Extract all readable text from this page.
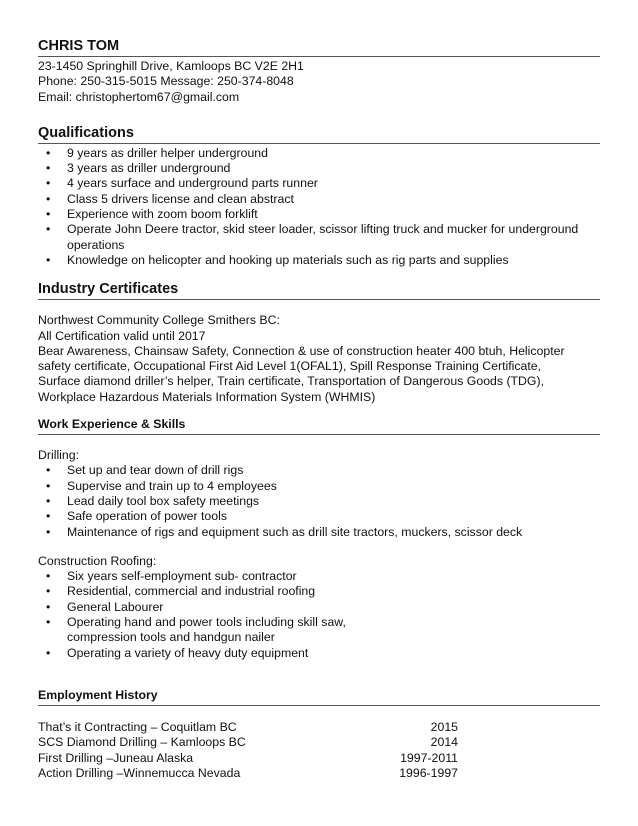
CHRIS TOM
23-1450 Springhill Drive, Kamloops BC V2E 2H1
Phone: 250-315-5015 Message: 250-374-8048
Email: christophertom67@gmail.com
Qualifications
• 9 years as driller helper underground
• 3 years as driller underground
• 4 years surface and underground parts runner
• Class 5 drivers license and clean abstract
• Experience with zoom boom forklift
• Operate John Deere tractor, skid steer loader, scissor lifting truck and mucker for underground operations
• Knowledge on helicopter and hooking up materials such as rig parts and supplies
Industry Certificates
Northwest Community College Smithers BC:
All Certification valid until 2017
Bear Awareness, Chainsaw Safety, Connection & use of construction heater 400 btuh, Helicopter safety certificate, Occupational First Aid Level 1(OFAL1), Spill Response Training Certificate, Surface diamond driller’s helper, Train certificate, Transportation of Dangerous Goods (TDG), Workplace Hazardous Materials Information System (WHMIS)
Work Experience & Skills
Drilling:
• Set up and tear down of drill rigs
• Supervise and train up to 4 employees
• Lead daily tool box safety meetings
• Safe operation of power tools
• Maintenance of rigs and equipment such as drill site tractors, muckers, scissor deck
Construction Roofing:
• Six years self-employment sub- contractor
• Residential, commercial and industrial roofing
• General Labourer
• Operating hand and power tools including skill saw, compression tools and handgun nailer
• Operating a variety of heavy duty equipment
Employment History
That’s it Contracting – Coquitlam BC	2015
SCS Diamond Drilling – Kamloops BC	2014
First Drilling –Juneau Alaska	1997-2011
Action Drilling –Winnemucca Nevada	1996-1997
